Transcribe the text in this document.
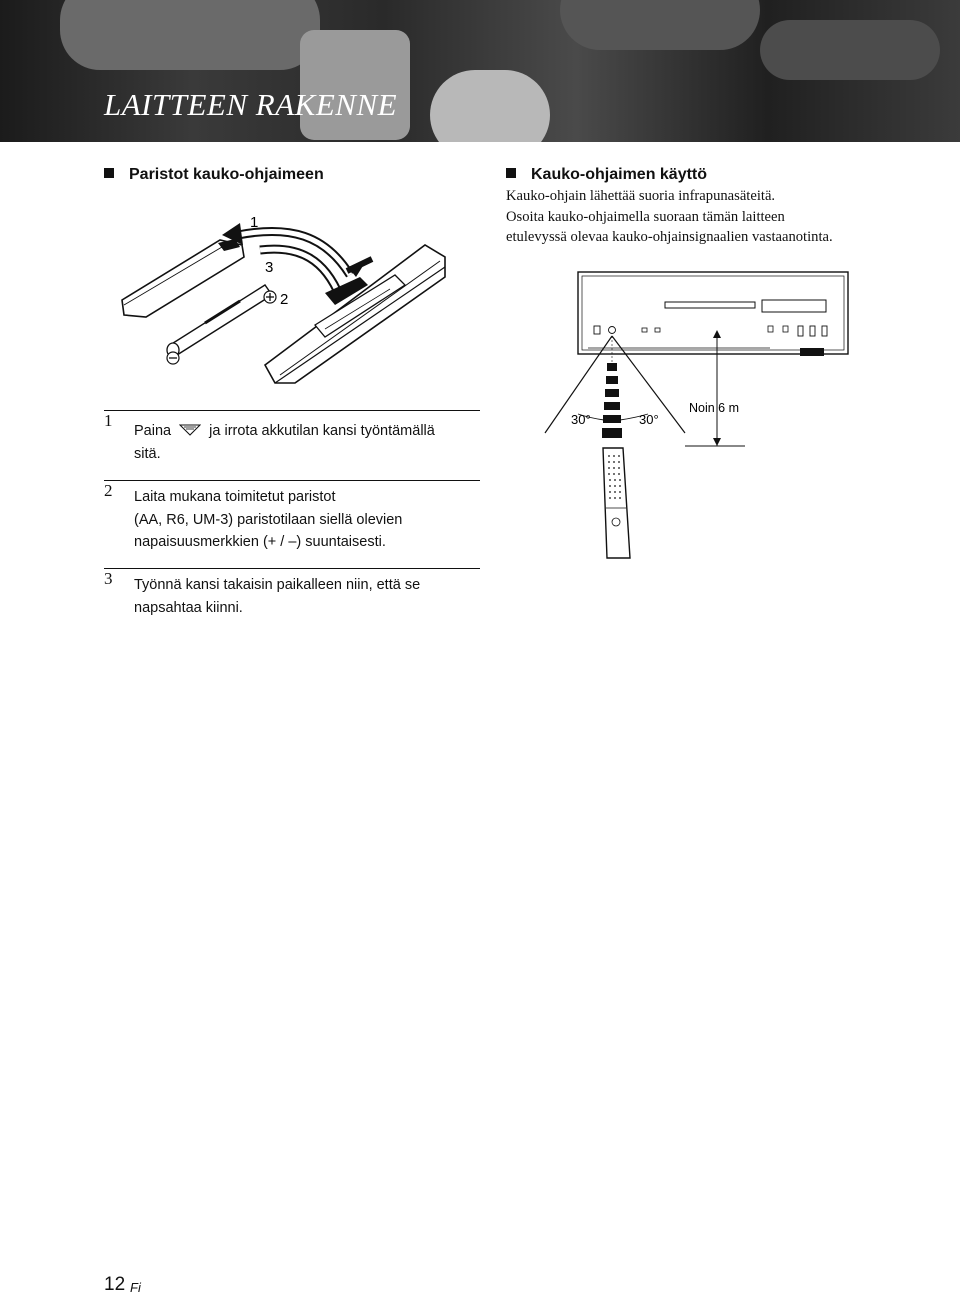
LAITTEEN RAKENNE
Paristot kauko-ohjaimeen
1
3
2
1
Paina	ja irrota akkutilan kansi työntämällä
sitä.
2 Laita mukana toimitetut paristot
(AA, R6, UM-3) paristotilaan siellä olevien
napaisuusmerkkien (+ / –) suuntaisesti.
3 Työnnä kansi takaisin paikalleen niin, että se
napsahtaa kiinni.
Kauko-ohjaimen käyttö
Kauko-ohjain lähettää suoria infrapunasäteitä.
Osoita kauko-ohjaimella suoraan tämän laitteen
etulevyssä olevaa kauko-ohjainsignaalien vastaanotinta.
30°	30°
Noin 6 m
12 Fi
